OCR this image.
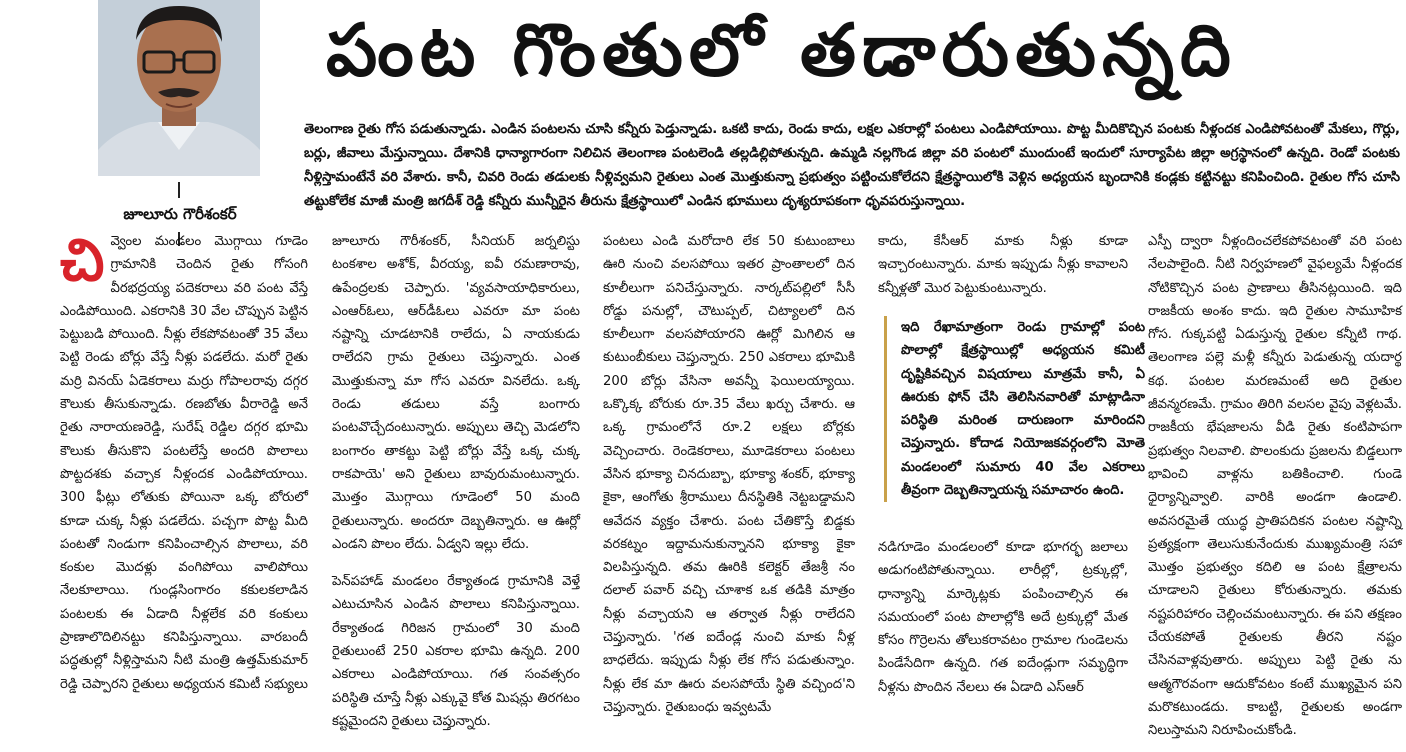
జూలూరు గౌరీశంకర్
పంట గొంతులో తడారుతున్నది
తెలంగాణ రైతు గోస పడుతున్నాడు. ఎండిన పంటలను చూసి కన్నీరు పెడ్తున్నాడు. ఒకటి కాదు, రెండు కాదు, లక్షల ఎకరాల్లో పంటలు ఎండిపోయాయి. పొట్ట మీదికొచ్చిన పంటకు నీళ్లందక ఎండిపోవటంతో మేకలు, గొర్లు, బర్లు, జీవాలు మేస్తున్నాయి. దేశానికి ధాన్యాగారంగా నిలిచిన తెలంగాణ పంటలెండి తల్లడిల్లిపోతున్నది. ఉమ్మడి నల్లగొండ జిల్లా వరి పంటలో ముందుంటే ఇందులో సూర్యాపేట జిల్లా అగ్రస్థానంలో ఉన్నది. రెండో పంటకు నీళ్లిస్తామంటేనే వరి వేశారు. కానీ, చివరి రెండు తడులకు నీళ్లివ్వమని రైతులు ఎంత మొత్తుకున్నా ప్రభుత్వం పట్టించుకోలేదని క్షేత్రస్థాయిలోకి వెళ్లిన అధ్యయన బృందానికి కండ్లకు కట్టినట్టు కనిపించింది. రైతుల గోస చూసి తట్టుకోలేక మాజీ మంత్రి జగదీశ్ రెడ్డి కన్నీరు మున్నీరైన తీరును క్షేత్రస్థాయిలో ఎండిన భూములు దృశ్యరూపకంగా ధృవపరుస్తున్నాయి.
చి వ్వెంల మండలం మొగ్గాయి గూడెం గ్రామానికి చెందిన రైతు గోసంగి వీరభద్రయ్య పదెకరాలు వరి పంట వేస్తే ఎండిపోయింది. ఎకరానికి 30 వేల చొప్పున పెట్టిన పెట్టుబడి పోయింది. నీళ్లు లేకపోవటంతో 35 వేలు పెట్టి రెండు బోర్లు వేస్తే నీళ్లు పడలేదు. మరో రైతు మర్రి వినయ్ ఏడెకరాలు మర్రు గోపాలరావు దగ్గర కౌలుకు తీసుకున్నాడు. రణబోతు వీరారెడ్డి అనే రైతు నారాయణరెడ్డి, సురేష్ రెడ్డిల దగ్గర భూమి కౌలుకు తీసుకొని పంటలేస్తే అందరి పొలాలు పొట్టదశకు వచ్చాక నీళ్లందక ఎండిపోయాయి. 300 ఫీట్లు లోతుకు పోయినా ఒక్క బోరులో కూడా చుక్క నీళ్లు పడలేదు. పచ్చగా పొట్ట మీది పంటతో నిండుగా కనిపించాల్సిన పొలాలు, వరి కంకుల మొదళ్లు వంగిపోయి వాలిపోయి నేలకూలాయి. గుండ్లసింగారం కకులకలాడిన పంటలకు ఈ ఏడాది నీళ్లలేక వరి కంకులు ప్రాణాలొదిలినట్టు కనిపిస్తున్నాయి. వారబందీ పద్ధతుల్లో నీళ్లిస్తామని నీటి మంత్రి ఉత్తమ్‌కుమార్ రెడ్డి చెప్పారని రైతులు అధ్యయన కమిటీ సభ్యులు

జూలూరు గౌరీశంకర్, సీనియర్ జర్నలిస్టు టంకశాల అశోక్, వీరయ్య, ఐవీ రమణారావు, ఉపేంద్రలకు చెప్పారు. 'వ్యవసాయాధికారులు, ఎంఆర్‌ఓలు, ఆర్‌డీఓలు ఎవరూ మా పంట నష్టాన్ని చూడటానికి రాలేదు, ఏ నాయకుడు రాలేదని గ్రామ రైతులు చెప్తున్నారు. ఎంత మొత్తుకున్నా మా గోస ఎవరూ వినలేదు. ఒక్క రెండు తడులు వస్తే బంగారు పంటవొచ్చేదంటున్నారు. అప్పులు తెచ్చి మెడలోని బంగారం తాకట్టు పెట్టి బోర్లు వేస్తే ఒక్క చుక్క రాకపాయె' అని రైతులు బావురుమంటున్నారు. మొత్తం మొగ్గాయి గూడెంలో 50 మంది రైతులున్నారు. అందరూ దెబ్బతిన్నారు. ఆ ఊర్లో ఎండని పొలం లేదు. ఏడ్వని ఇల్లు లేదు.

పెన్‌పహాడ్ మండలం రేక్యాతండ గ్రామానికి వెళ్తే ఎటుచూసిన ఎండిన పొలాలు కనిపిస్తున్నాయి. రేక్యాతండ గిరిజన గ్రామంలో 30 మంది రైతులుంటే 250 ఎకరాల భూమి ఉన్నది. 200 ఎకరాలు ఎండిపోయాయి. గత సంవత్సరం పరిస్థితి చూస్తే నీళ్లు ఎక్కువై కోత మిషన్లు తిరగటం కష్టమైందని రైతులు చెప్తున్నారు.

పంటలు ఎండి మరోదారి లేక 50 కుటుంబాలు ఊరి నుంచి వలసపోయి ఇతర ప్రాంతాలలో దిన కూలీలుగా పనిచేస్తున్నారు. నార్కట్‌పల్లిలో సీసీ రోడ్డు పనుల్లో, చౌటుప్పల్, చిట్యాలలో దిన కూలీలుగా వలసపోయారని ఊర్లో మిగిలిన ఆ కుటుంబీకులు చెప్తున్నారు. 250 ఎకరాలు భూమికి 200 బోర్లు వేసినా అవన్నీ ఫెయిలయ్యాయి. ఒక్కొక్క బోరుకు రూ.35 వేలు ఖర్చు చేశారు. ఆ ఒక్క గ్రామంలోనే రూ.2 లక్షలు బోర్లకు వెచ్చించారు. రెండెకరాలు, మూడెకరాలు పంటలు వేసిన భూక్యా చినదుబ్బా, భూక్యా శంకర్, భూక్యా కైకా, ఆంగోతు శ్రీరాములు దీనస్థితికి నెట్టబడ్డామని ఆవేదన వ్యక్తం చేశారు. పంట చేతికొస్తే బిడ్డకు వరకట్నం ఇద్దామనుకున్నానని భూక్యా కైకా విలపిస్తున్నది. తమ ఊరికి కలెక్టర్ తేజశ్రీ నం దలాల్ పవార్ వచ్చి చూశాక ఒక తడికి మాత్రం నీళ్లు వచ్చాయని ఆ తర్వాత నీళ్లు రాలేదని చెప్తున్నారు. 'గత ఐదేండ్ల నుంచి మాకు నీళ్ల బాధలేదు. ఇప్పుడు నీళ్లు లేక గోస పడుతున్నాం. నీళ్లు లేక మా ఊరు వలసపోయే స్థితి వచ్చింద'ని చెప్తున్నారు. రైతుబంధు ఇవ్వటమే
కాదు, కేసీఆర్ మాకు నీళ్లు కూడా ఇచ్చారంటున్నారు. మాకు ఇప్పుడు నీళ్లు కావాలని కన్నీళ్లతో మొర పెట్టుకుంటున్నారు.
ఇది రేఖామాత్రంగా రెండు గ్రామాల్లో పంట పొలాల్లో క్షేత్రస్థాయిల్లో అధ్యయన కమిటీ దృష్టికివచ్చిన విషయాలు మాత్రమే కానీ, ఏ ఊరుకు ఫోన్ చేసి తెలిసినవారితో మాట్లాడినా పరిస్థితి మరింత దారుణంగా మారిందని చెప్తున్నారు. కోదాడ నియోజకవర్గంలోని మోతె మండలంలో సుమారు 40 వేల ఎకరాలు తీవ్రంగా దెబ్బతిన్నాయన్న సమాచారం ఉంది.
నడిగూడెం మండలంలో కూడా భూగర్భ జలాలు అడుగంటిపోతున్నాయి. లారీల్లో, ట్రక్కుల్లో, ధాన్యాన్ని మార్కెట్లకు పంపించాల్సిన ఈ సమయంలో పంట పొలాల్లోకి అదే ట్రక్కుల్లో మేత కోసం గొర్రెలను తోలుకరావటం గ్రామాల గుండెలను పిండేసేదిగా ఉన్నది. గత ఐదేండ్లుగా సమృద్ధిగా నీళ్లను పొందిన నేలలు ఈ ఏడాది ఎస్‌ఆర్
ఎస్పీ ద్వారా నీళ్లందించలేకపోవటంతో వరి పంట నేలపాలైంది. నీటి నిర్వహణలో వైఫల్యమే నీళ్లందక నోటికొచ్చిన పంట ప్రాణాలు తీసినట్లయింది. ఇది రాజకీయ అంశం కాదు. ఇది రైతుల సామూహిక గోస. గుక్కపట్టి ఏడుస్తున్న రైతుల కన్నీటి గాథ. తెలంగాణ పల్లె మళ్లీ కన్నీరు పెడుతున్న యదార్థ కథ. పంటల మరణమంటే అది రైతుల జీవన్మరణమే. గ్రామం తిరిగి వలసల వైపు వెళ్లటమే. రాజకీయ భేషజాలను వీడి రైతు కంటిపాపగా ప్రభుత్వం నిలవాలి. పొలంకుదు ప్రజలను బిడ్డలుగా భావించి వాళ్లను బతికించాలి. గుండె ధైర్యాన్నివ్వాలి. వారికి అండగా ఉండాలి. అవసరమైతే యుద్ధ ప్రాతిపదికన పంటల నష్టాన్ని ప్రత్యక్షంగా తెలుసుకునేందుకు ముఖ్యమంత్రి సహా మొత్తం ప్రభుత్వం కదిలి ఆ పంట క్షేత్రాలను చూడాలని రైతులు కోరుతున్నారు. తమకు నష్టపరిహారం చెల్లించమంటున్నారు. ఈ పని తక్షణం చేయకపోతే రైతులకు తీరని నష్టం చేసినవాళ్లవుతారు. అప్పులు పెట్టి రైతు ను ఆత్మగౌరవంగా ఆదుకోవటం కంటే ముఖ్యమైన పని మరొకటుండదు. కాబట్టి, రైతులకు అండగా నిలుస్తామని నిరూపించుకోండి.
